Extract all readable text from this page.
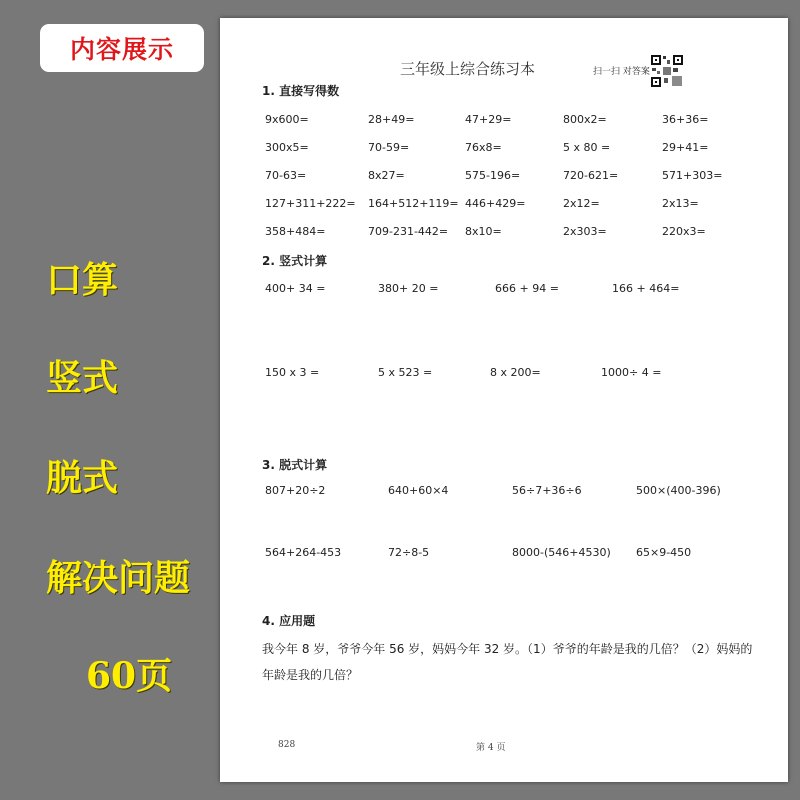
内容展示
口算
竖式
脱式
解决问题
60页
三年级上综合练习本	扫一扫 对答案
1. 直接写得数
9x600=	28+49=	47+29=	800x2=	36+36=
300x5=	70-59=	76x8=	5 x 80 =	29+41=
70-63=	8x27=	575-196=	720-621=	571+303=
127+311+222= 164+512+119= 446+429=	2x12=	2x13=
358+484=	709-231-442= 8x10=	2x303=	220x3=
2. 竖式计算
400+ 34 =	380+ 20 =	666 + 94 =	166 + 464=
150 x 3 =	5 x 523 =	8 x 200=	1000÷ 4 =
3. 脱式计算
807+20÷2	640+60×4	56÷7+36÷6	500×(400-396)
564+264-453	72÷8-5	8000-(546+4530) 65×9-450
4. 应用题
我今年 8 岁，爷爷今年 56 岁，妈妈今年 32 岁。（1）爷爷的年龄是我的几倍？（2）妈妈的年龄是我的几倍？
828	第 4 页
